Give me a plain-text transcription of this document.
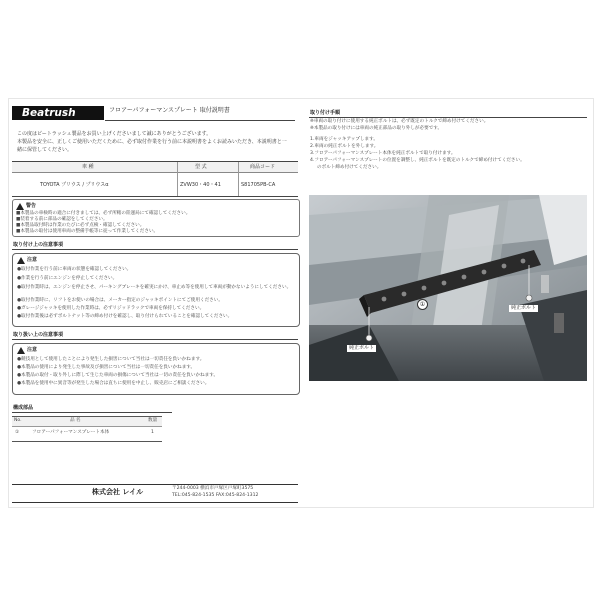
Beatrush	フロアーパフォーマンスプレート 取付説明書
この度はビートラッシュ製品をお買い上げくださいまして誠にありがとうございます。
本製品を安全に、正しくご使用いただくために、必ず取付作業を行う前に本説明書をよくお読みいただき、本説明書と一
緒に保管してください。
車 種	型 式	商品コード
TOYOTA プリウス / プリウスα	ZVW30・40・41	S81705PB-CA
警告
■本製品の車検時の適合に付きましては、必ず所轄の陸運局にて確認してください。
■装着する前に部品の確認をしてください。
■本製品取付時は作業のたびに必ず点検・確認してください。
■本製品の取付は使用車両の整備手帳等に従って作業してください。
取り付け上の注意事項
注意
●取付作業を行う前に車両の状態を確認してください。
●作業を行う前にエンジンを停止してください。
●取付作業時は、エンジンを停止させ、パーキングブレーキを確実にかけ、車止め等を使用して車両が動かないようにしてください。
●取付作業時に、リフトをお使いの場合は、メーカー指定のジャッキポイントにてご使用ください。
●ガレージジャッキを使用した作業時は、必ずリジッドラックで車両を保持してください。
●取付作業後は必ずボルトナット等の締め付けを確認し、取り付けられていることを確認してください。
取り扱い上の注意事項
注意
●競技用として使用したことにより発生した損害について当社は一切責任を負いかねます。
●本製品の使用により発生した事故及び損害について当社は一切責任を負いかねます。
●本製品の取付・取り外しに際して生じた車両の損傷について当社は一切の責任を負いかねます。
●本製品を使用中に異音等が発生した場合は直ちに使用を中止し、販売店にご相談ください。
構成部品
No.	品 名	数量
①	フロアーパフォーマンスプレート本体	1
株式会社 レイル	〒244-0003 横浜市戸塚区戸塚町3575
TEL:045-824-1535 FAX:045-824-1312
取り付け手順
※車両の取り付けに使用する純正ボルトは、必ず既定のトルクで締め付けてください。
※本製品の取り付けには車両の純正部品の取り外しが必要です。
1.車両をジャッキアップします。
2.車両の純正ボルトを外します。
3.フロアーパフォーマンスプレート本体を純正ボルトで取り付けます。
4.フロアーパフォーマンスプレートの位置を調整し、純正ボルトを既定のトルクで締め付けてください。
のボルト締め付けてください。
①
純正ボルト
純正ボルト
